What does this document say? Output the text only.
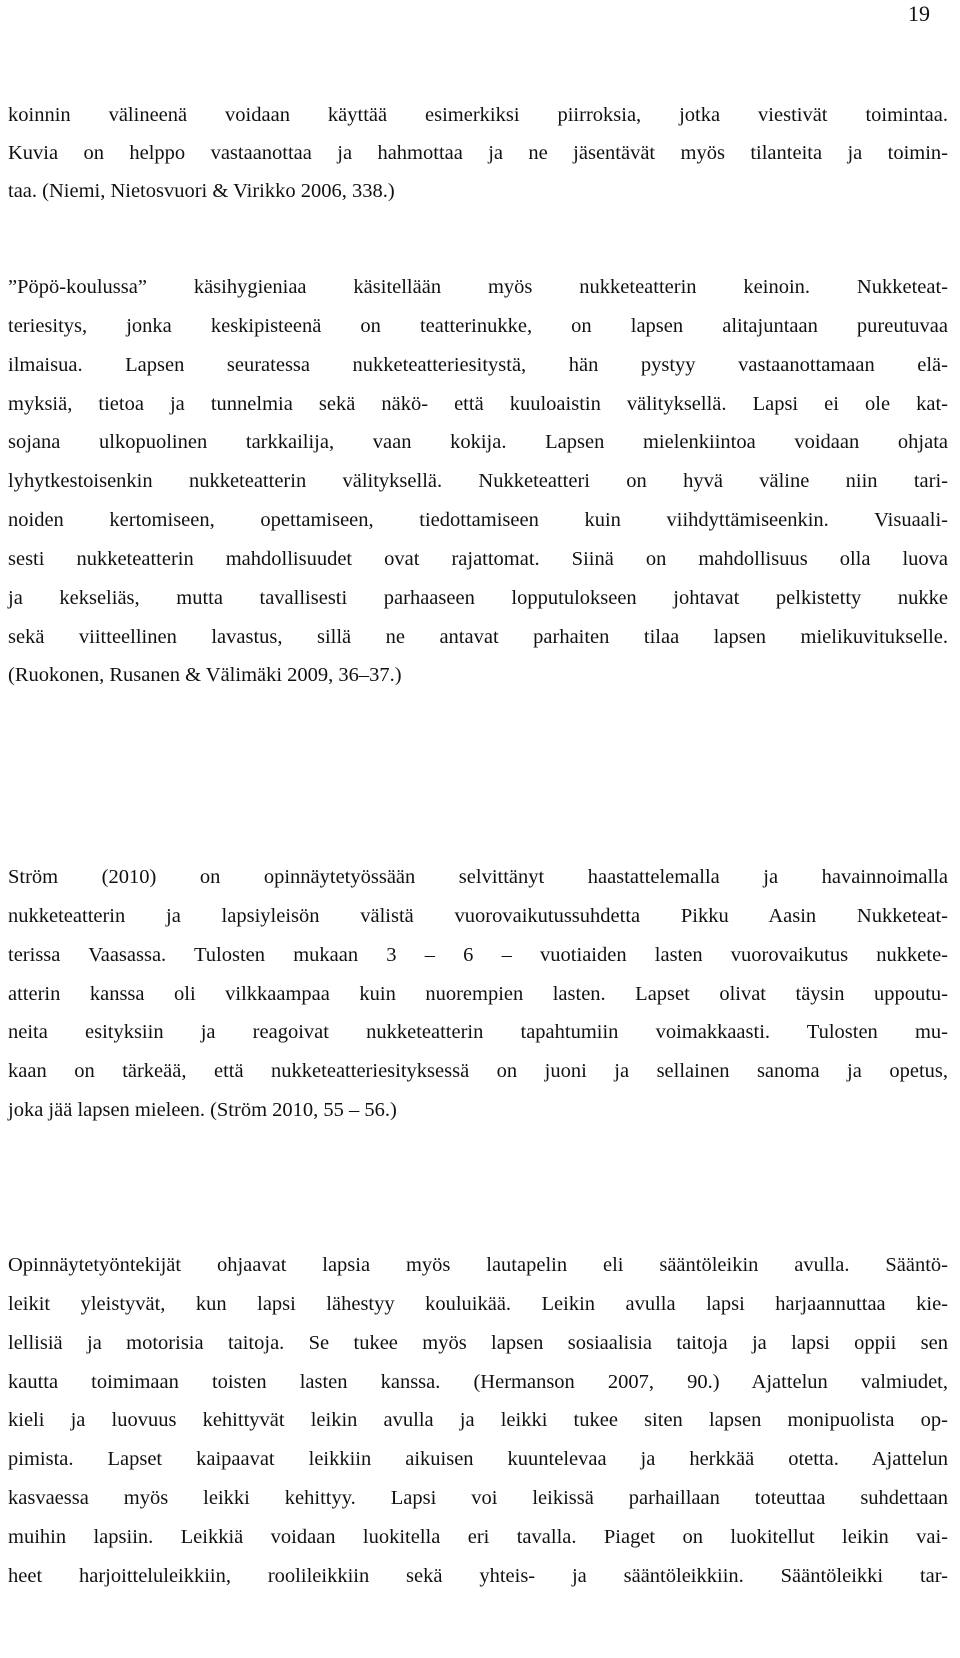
19
koinnin välineenä voidaan käyttää esimerkiksi piirroksia, jotka viestivät toimintaa.
Kuvia on helppo vastaanottaa ja hahmottaa ja ne jäsentävät myös tilanteita ja toimin-
taa. (Niemi, Nietosvuori & Virikko 2006, 338.)
”Pöpö-koulussa” käsihygieniaa käsitellään myös nukketeatterin keinoin. Nukketeat-
teriesitys, jonka keskipisteenä on teatterinukke, on lapsen alitajuntaan pureutuvaa
ilmaisua. Lapsen seuratessa nukketeatteriesitystä, hän pystyy vastaanottamaan elä-
myksiä, tietoa ja tunnelmia sekä näkö- että kuuloaistin välityksellä. Lapsi ei ole kat-
sojana ulkopuolinen tarkkailija, vaan kokija. Lapsen mielenkiintoa voidaan ohjata
lyhytkestoisenkin nukketeatterin välityksellä. Nukketeatteri on hyvä väline niin tari-
noiden kertomiseen, opettamiseen, tiedottamiseen kuin viihdyttämiseenkin. Visuaali-
sesti nukketeatterin mahdollisuudet ovat rajattomat. Siinä on mahdollisuus olla luova
ja kekseliäs, mutta tavallisesti parhaaseen lopputulokseen johtavat pelkistetty nukke
sekä viitteellinen lavastus, sillä ne antavat parhaiten tilaa lapsen mielikuvitukselle.
(Ruokonen, Rusanen & Välimäki 2009, 36–37.)
Ström (2010) on opinnäytetyössään selvittänyt haastattelemalla ja havainnoimalla
nukketeatterin ja lapsiyleisön välistä vuorovaikutussuhdetta Pikku Aasin Nukketeat-
terissa Vaasassa. Tulosten mukaan 3 – 6 – vuotiaiden lasten vuorovaikutus nukkete-
atterin kanssa oli vilkkaampaa kuin nuorempien lasten. Lapset olivat täysin uppoutu-
neita esityksiin ja reagoivat nukketeatterin tapahtumiin voimakkaasti. Tulosten mu-
kaan on tärkeää, että nukketeatteriesityksessä on juoni ja sellainen sanoma ja opetus,
joka jää lapsen mieleen. (Ström 2010, 55 – 56.)
Opinnäytetyöntekijät ohjaavat lapsia myös lautapelin eli sääntöleikin avulla. Sääntö-
leikit yleistyvät, kun lapsi lähestyy kouluikää. Leikin avulla lapsi harjaannuttaa kie-
lellisiä ja motorisia taitoja. Se tukee myös lapsen sosiaalisia taitoja ja lapsi oppii sen
kautta toimimaan toisten lasten kanssa. (Hermanson 2007, 90.) Ajattelun valmiudet,
kieli ja luovuus kehittyvät leikin avulla ja leikki tukee siten lapsen monipuolista op-
pimista. Lapset kaipaavat leikkiin aikuisen kuuntelevaa ja herkkää otetta. Ajattelun
kasvaessa myös leikki kehittyy. Lapsi voi leikissä parhaillaan toteuttaa suhdettaan
muihin lapsiin. Leikkiä voidaan luokitella eri tavalla. Piaget on luokitellut leikin vai-
heet harjoitteluleikkiin, roolileikkiin sekä yhteis- ja sääntöleikkiin. Sääntöleikki tar-
